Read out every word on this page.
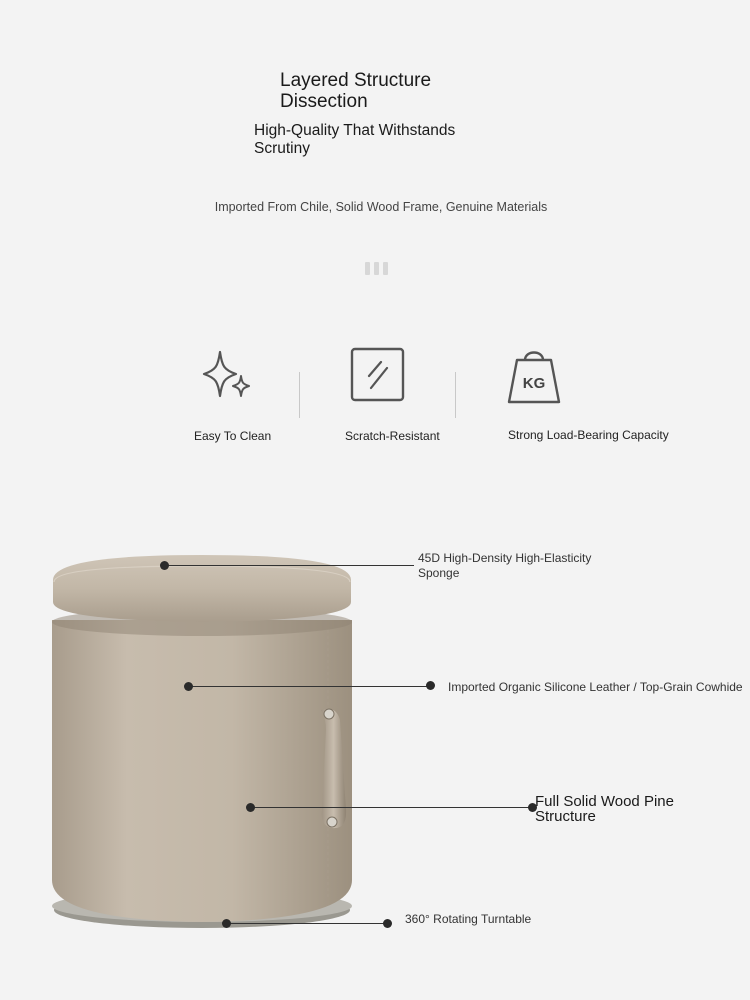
Layered Structure Dissection
High-Quality That Withstands Scrutiny
Imported From Chile, Solid Wood Frame, Genuine Materials
Easy To Clean	Scratch-Resistant
KG
Strong Load-Bearing Capacity
45D High-Density High-Elasticity Sponge
Imported Organic Silicone Leather / Top-Grain Cowhide
Full Solid Wood Pine Structure
360° Rotating Turntable
